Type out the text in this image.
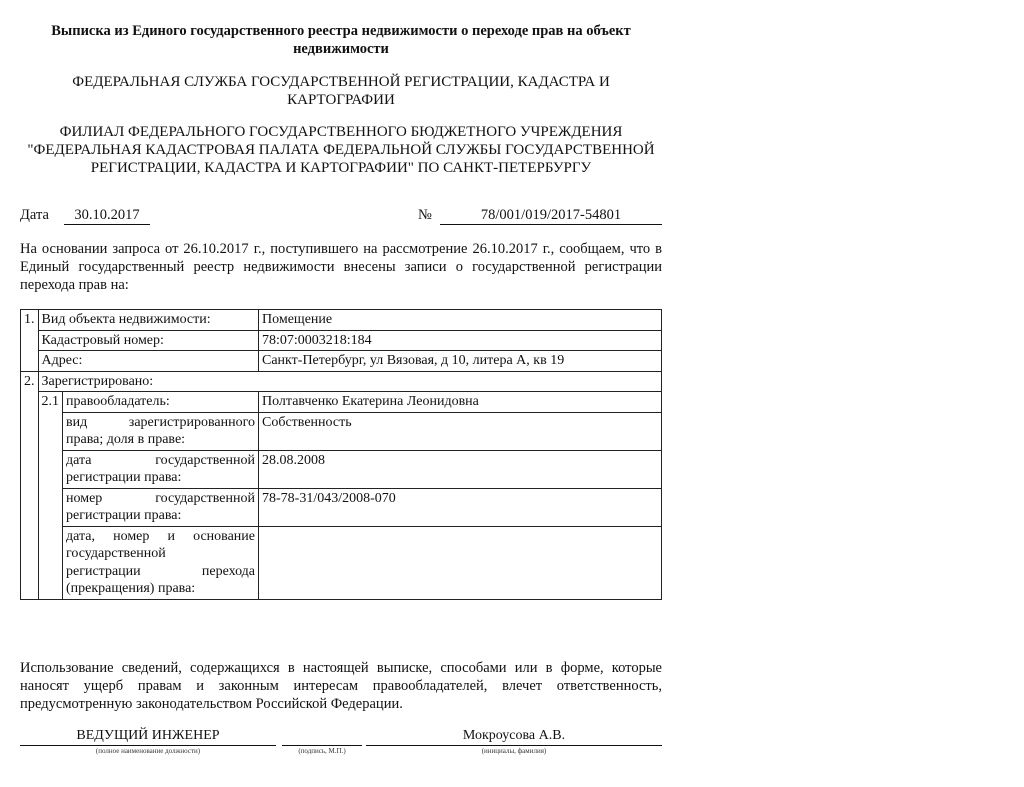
Выписка из Единого государственного реестра недвижимости о переходе прав на объект недвижимости
ФЕДЕРАЛЬНАЯ СЛУЖБА ГОСУДАРСТВЕННОЙ РЕГИСТРАЦИИ, КАДАСТРА И КАРТОГРАФИИ
ФИЛИАЛ ФЕДЕРАЛЬНОГО ГОСУДАРСТВЕННОГО БЮДЖЕТНОГО УЧРЕЖДЕНИЯ "ФЕДЕРАЛЬНАЯ КАДАСТРОВАЯ ПАЛАТА ФЕДЕРАЛЬНОЙ СЛУЖБЫ ГОСУДАРСТВЕННОЙ РЕГИСТРАЦИИ, КАДАСТРА И КАРТОГРАФИИ" ПО САНКТ-ПЕТЕРБУРГУ
Дата	30.10.2017	№	78/001/019/2017-54801
На основании запроса от 26.10.2017 г., поступившего на рассмотрение 26.10.2017 г., сообщаем, что в Единый государственный реестр недвижимости внесены записи о государственной регистрации перехода прав на:
1.	Вид объекта недвижимости:		Помещение
	Кадастровый номер:		78:07:0003218:184
	Адрес:		Санкт-Петербург, ул Вязовая, д 10, литера А, кв 19
2.	Зарегистрировано:		
	2.1	правообладатель:	Полтавченко Екатерина Леонидовна

		вид зарегистрированного
права; доля в праве:	Собственность

		дата государственной
регистрации права:	28.08.2008

		номер государственной
регистрации права:	78-78-31/043/2008-070

		дата, номер и основание
государственной
регистрации перехода
(прекращения) права:	

Использование сведений, содержащихся в настоящей выписке, способами или в форме, которые наносят ущерб правам и законным интересам правообладателей, влечет ответственность, предусмотренную законодательством Российской Федерации.
ВЕДУЩИЙ ИНЖЕНЕР
(полное наименование должности)	(подпись, М.П.)
Мокроусова А.В.
(инициалы, фамилия)
